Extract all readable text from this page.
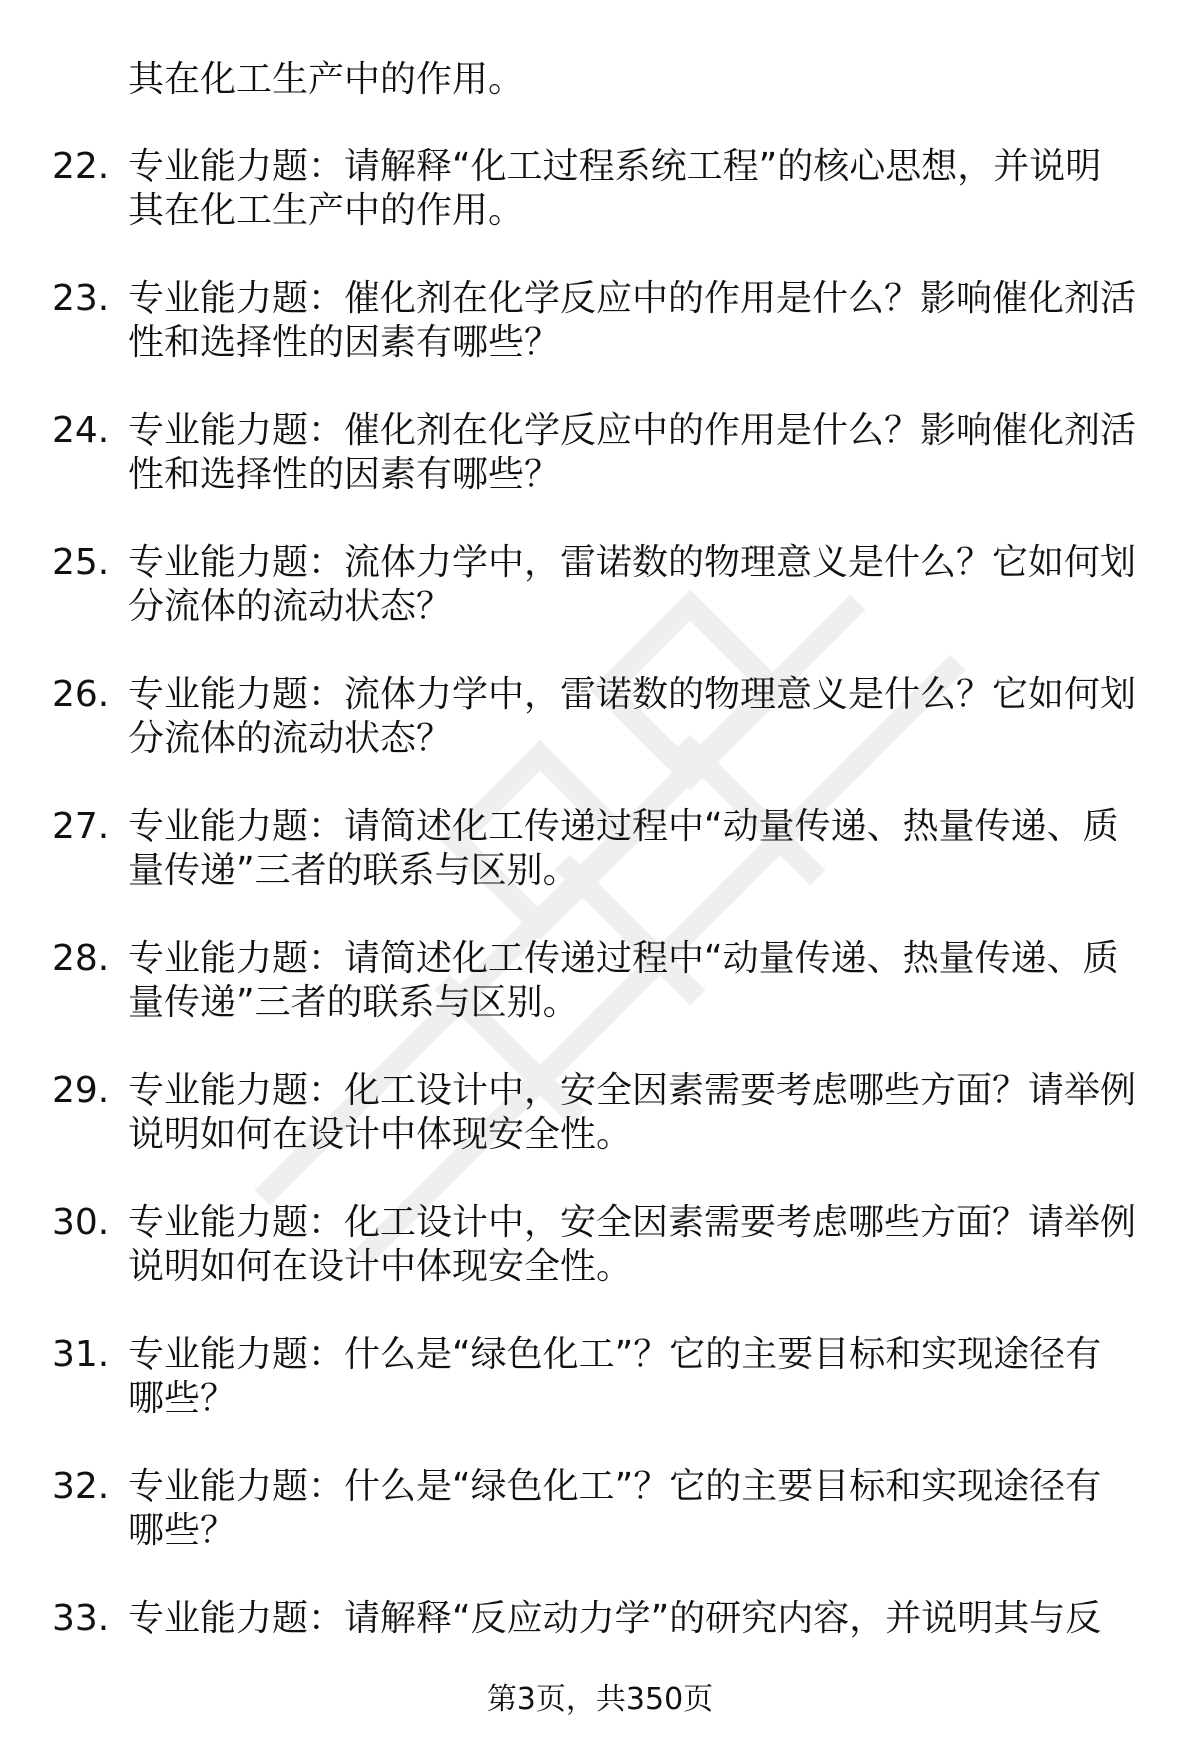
其在化工生产中的作用。
22. 专业能力题：请解释“化工过程系统工程”的核心思想，并说明
其在化工生产中的作用。
23. 专业能力题：催化剂在化学反应中的作用是什么？影响催化剂活
性和选择性的因素有哪些？
24. 专业能力题：催化剂在化学反应中的作用是什么？影响催化剂活
性和选择性的因素有哪些？
25. 专业能力题：流体力学中，雷诺数的物理意义是什么？它如何划
分流体的流动状态？
26. 专业能力题：流体力学中，雷诺数的物理意义是什么？它如何划
分流体的流动状态？
27. 专业能力题：请简述化工传递过程中“动量传递、热量传递、质
量传递”三者的联系与区别。
28. 专业能力题：请简述化工传递过程中“动量传递、热量传递、质
量传递”三者的联系与区别。
29. 专业能力题：化工设计中，安全因素需要考虑哪些方面？请举例
说明如何在设计中体现安全性。
30. 专业能力题：化工设计中，安全因素需要考虑哪些方面？请举例
说明如何在设计中体现安全性。
31. 专业能力题：什么是“绿色化工”？它的主要目标和实现途径有
哪些？
32. 专业能力题：什么是“绿色化工”？它的主要目标和实现途径有
哪些？
33. 专业能力题：请解释“反应动力学”的研究内容，并说明其与反
第3页，共350页
